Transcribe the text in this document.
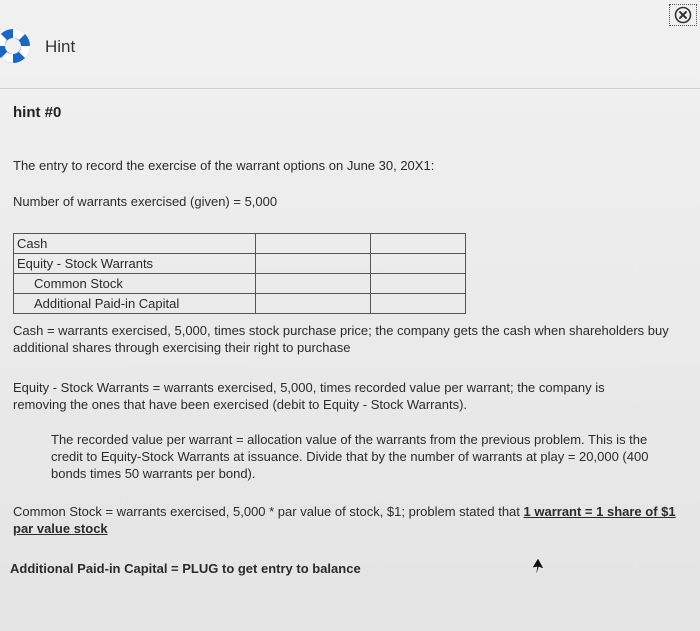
Hint
hint #0
The entry to record the exercise of the warrant options on June 30, 20X1:
Number of warrants exercised (given) = 5,000
Cash		
Equity - Stock Warrants		
Common Stock		
Additional Paid-in Capital		
Cash = warrants exercised, 5,000, times stock purchase price; the company gets the cash when shareholders buy additional shares through exercising their right to purchase
Equity - Stock Warrants = warrants exercised, 5,000, times recorded value per warrant; the company is removing the ones that have been exercised (debit to Equity - Stock Warrants).
The recorded value per warrant = allocation value of the warrants from the previous problem. This is the credit to Equity-Stock Warrants at issuance. Divide that by the number of warrants at play = 20,000 (400 bonds times 50 warrants per bond).
Common Stock = warrants exercised, 5,000 * par value of stock, $1; problem stated that 1 warrant = 1 share of $1 par value stock
Additional Paid-in Capital = PLUG to get entry to balance
